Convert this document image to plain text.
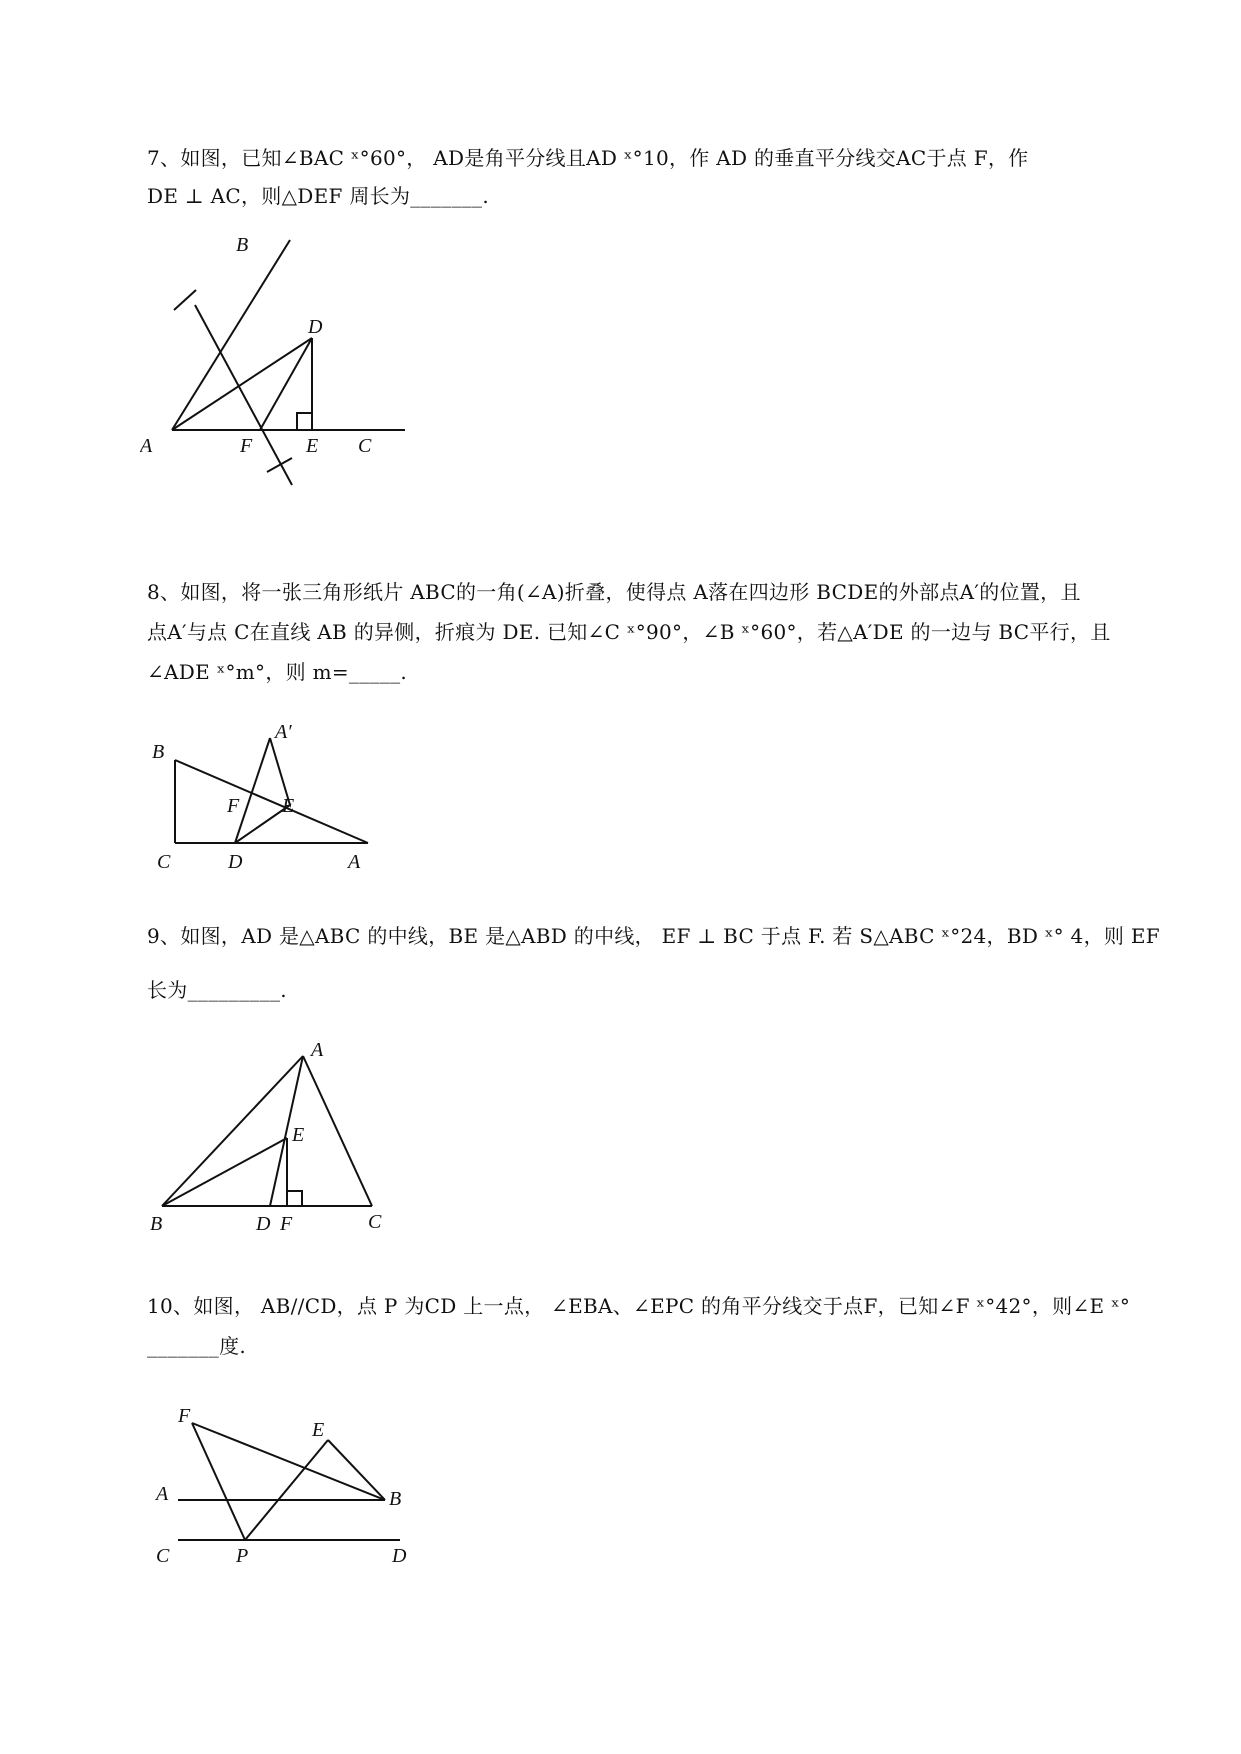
7、如图，已知∠BAC ˣ°60°， AD是角平分线且AD ˣ°10，作 AD 的垂直平分线交AC于点 F，作
DE ⊥ AC，则△DEF 周长为_______.
B
D
A	F	E C
8、如图，将一张三角形纸片 ABC的一角(∠A)折叠，使得点 A落在四边形 BCDE的外部点A′的位置，且
点A′与点 C在直线 AB 的异侧，折痕为 DE. 已知∠C ˣ°90°，∠B ˣ°60°，若△A′DE 的一边与 BC平行，且
∠ADE ˣ°m°，则 m=_____.
B
A′
F E
C	D	A
9、如图，AD 是△ABC 的中线，BE 是△ABD 的中线， EF ⊥ BC 于点 F. 若 S△ABC ˣ°24，BD ˣ° 4，则 EF
长为_________.
A
E
B	D F	C
10、如图， AB//CD，点 P 为CD 上一点， ∠EBA、∠EPC 的角平分线交于点F，已知∠F ˣ°42°，则∠E ˣ°
_______度.
F
E
A	B
C	P	D
